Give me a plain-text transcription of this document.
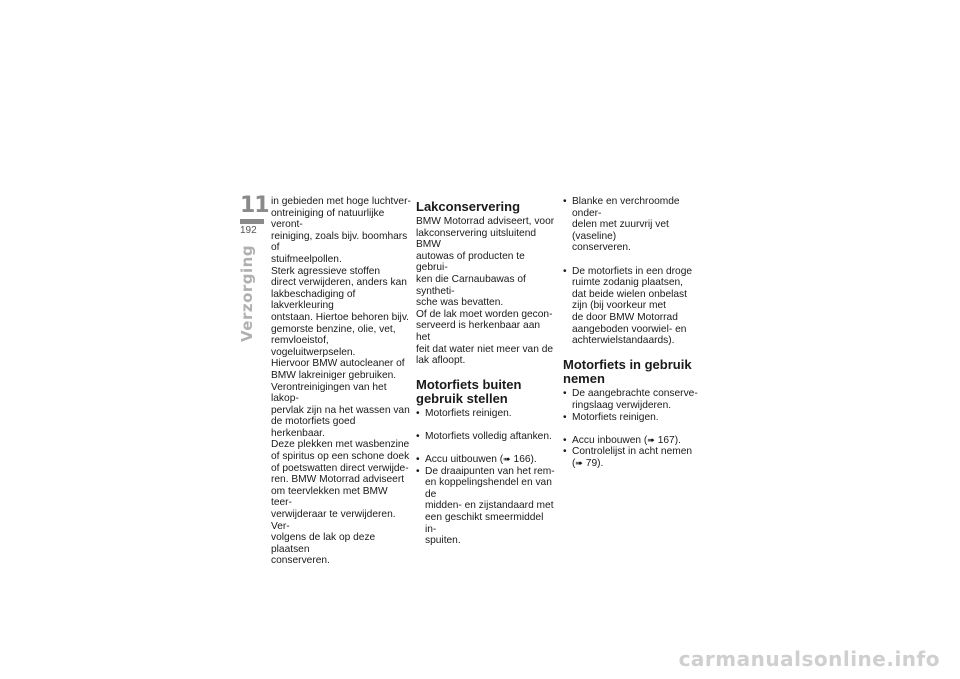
11
192
Verzorging

in gebieden met hoge luchtver-
ontreiniging of natuurlijke veront-
reiniging, zoals bijv. boomhars of
stuifmeelpollen.
Sterk agressieve stoffen
direct verwijderen, anders kan
lakbeschadiging of lakverkleuring
ontstaan. Hiertoe behoren bijv.
gemorste benzine, olie, vet,
remvloeistof, vogeluitwerpselen.
Hiervoor BMW autocleaner of
BMW lakreiniger gebruiken.
Verontreinigingen van het lakop-
pervlak zijn na het wassen van
de motorfiets goed herkenbaar.
Deze plekken met wasbenzine
of spiritus op een schone doek
of poetswatten direct verwijde-
ren. BMW Motorrad adviseert
om teervlekken met BMW teer-
verwijderaar te verwijderen. Ver-
volgens de lak op deze plaatsen
conserveren.

Lakconservering

BMW Motorrad adviseert, voor
lakconservering uitsluitend BMW
autowas of producten te gebrui-
ken die Carnaubawas of syntheti-
sche was bevatten.
Of de lak moet worden gecon-
serveerd is herkenbaar aan het
feit dat water niet meer van de
lak afloopt.

Motorfiets buiten
gebruik stellen
• Motorfiets reinigen.
• Motorfiets volledig aftanken.
• Accu uitbouwen (➠ 166).
• De draaipunten van het rem-
en koppelingshendel en van de
midden- en zijstandaard met
een geschikt smeermiddel in-
spuiten.
• Blanke en verchroomde onder-
delen met zuurvrij vet (vaseline)
conserveren.
• De motorfiets in een droge
ruimte zodanig plaatsen,
dat beide wielen onbelast
zijn (bij voorkeur met
de door BMW Motorrad
aangeboden voorwiel- en
achterwielstandaards).
Motorfiets in gebruik
nemen
• De aangebrachte conserve-
ringslaag verwijderen.
• Motorfiets reinigen.
• Accu inbouwen (➠ 167).
• Controlelijst in acht nemen
(➠ 79).
carmanualsonline.info
